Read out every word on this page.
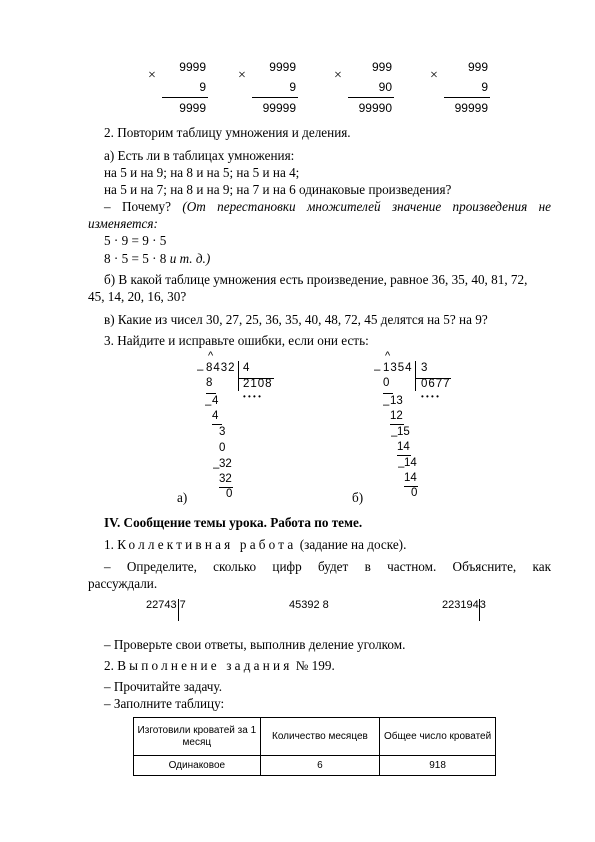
×
9999
9
9999
×
9999
9
99999
×
999
90
99990
×
999
9
99999
2. Повторим таблицу умножения и деления.
а) Есть ли в таблицах умножения:
на 5 и на 9; на 8 и на 5; на 5 и на 4;
на 5 и на 7; на 8 и на 9; на 7 и на 6 одинаковые произведения?
– Почему? (От перестановки множителей значение произведения не
изменяется:
5 · 9 = 9 · 5
8 · 5 = 5 · 8 и т. д.)
б) В какой таблице умножения есть произведение, равное 36, 35, 40, 81, 72,
45, 14, 20, 16, 30?
в) Какие из чисел 30, 27, 25, 36, 35, 40, 48, 72, 45 делятся на 5? на 9?
3. Найдите и исправьте ошибки, если они есть:
^
– 8432 4
2108
• • • •
8
– 4
4
3
0
– 32
32
0
а)
^
– 1354 3
0677
• • • •
0
– 13
12
– 15
14
– 14
14
0
б)
IV. Сообщение темы урока. Работа по теме.
1. Коллективная работа (задание на доске).
– Определите, сколько цифр будет в частном. Объясните, как
рассуждали.
22743 7	45392 8	2231943
– Проверьте свои ответы, выполнив деление уголком.
2. Выполнение задания № 199.
– Прочитайте задачу.
– Заполните таблицу:
Изготовили кроватей за 1 месяц	Количество месяцев	Общее число кроватей
Одинаковое	6	918
